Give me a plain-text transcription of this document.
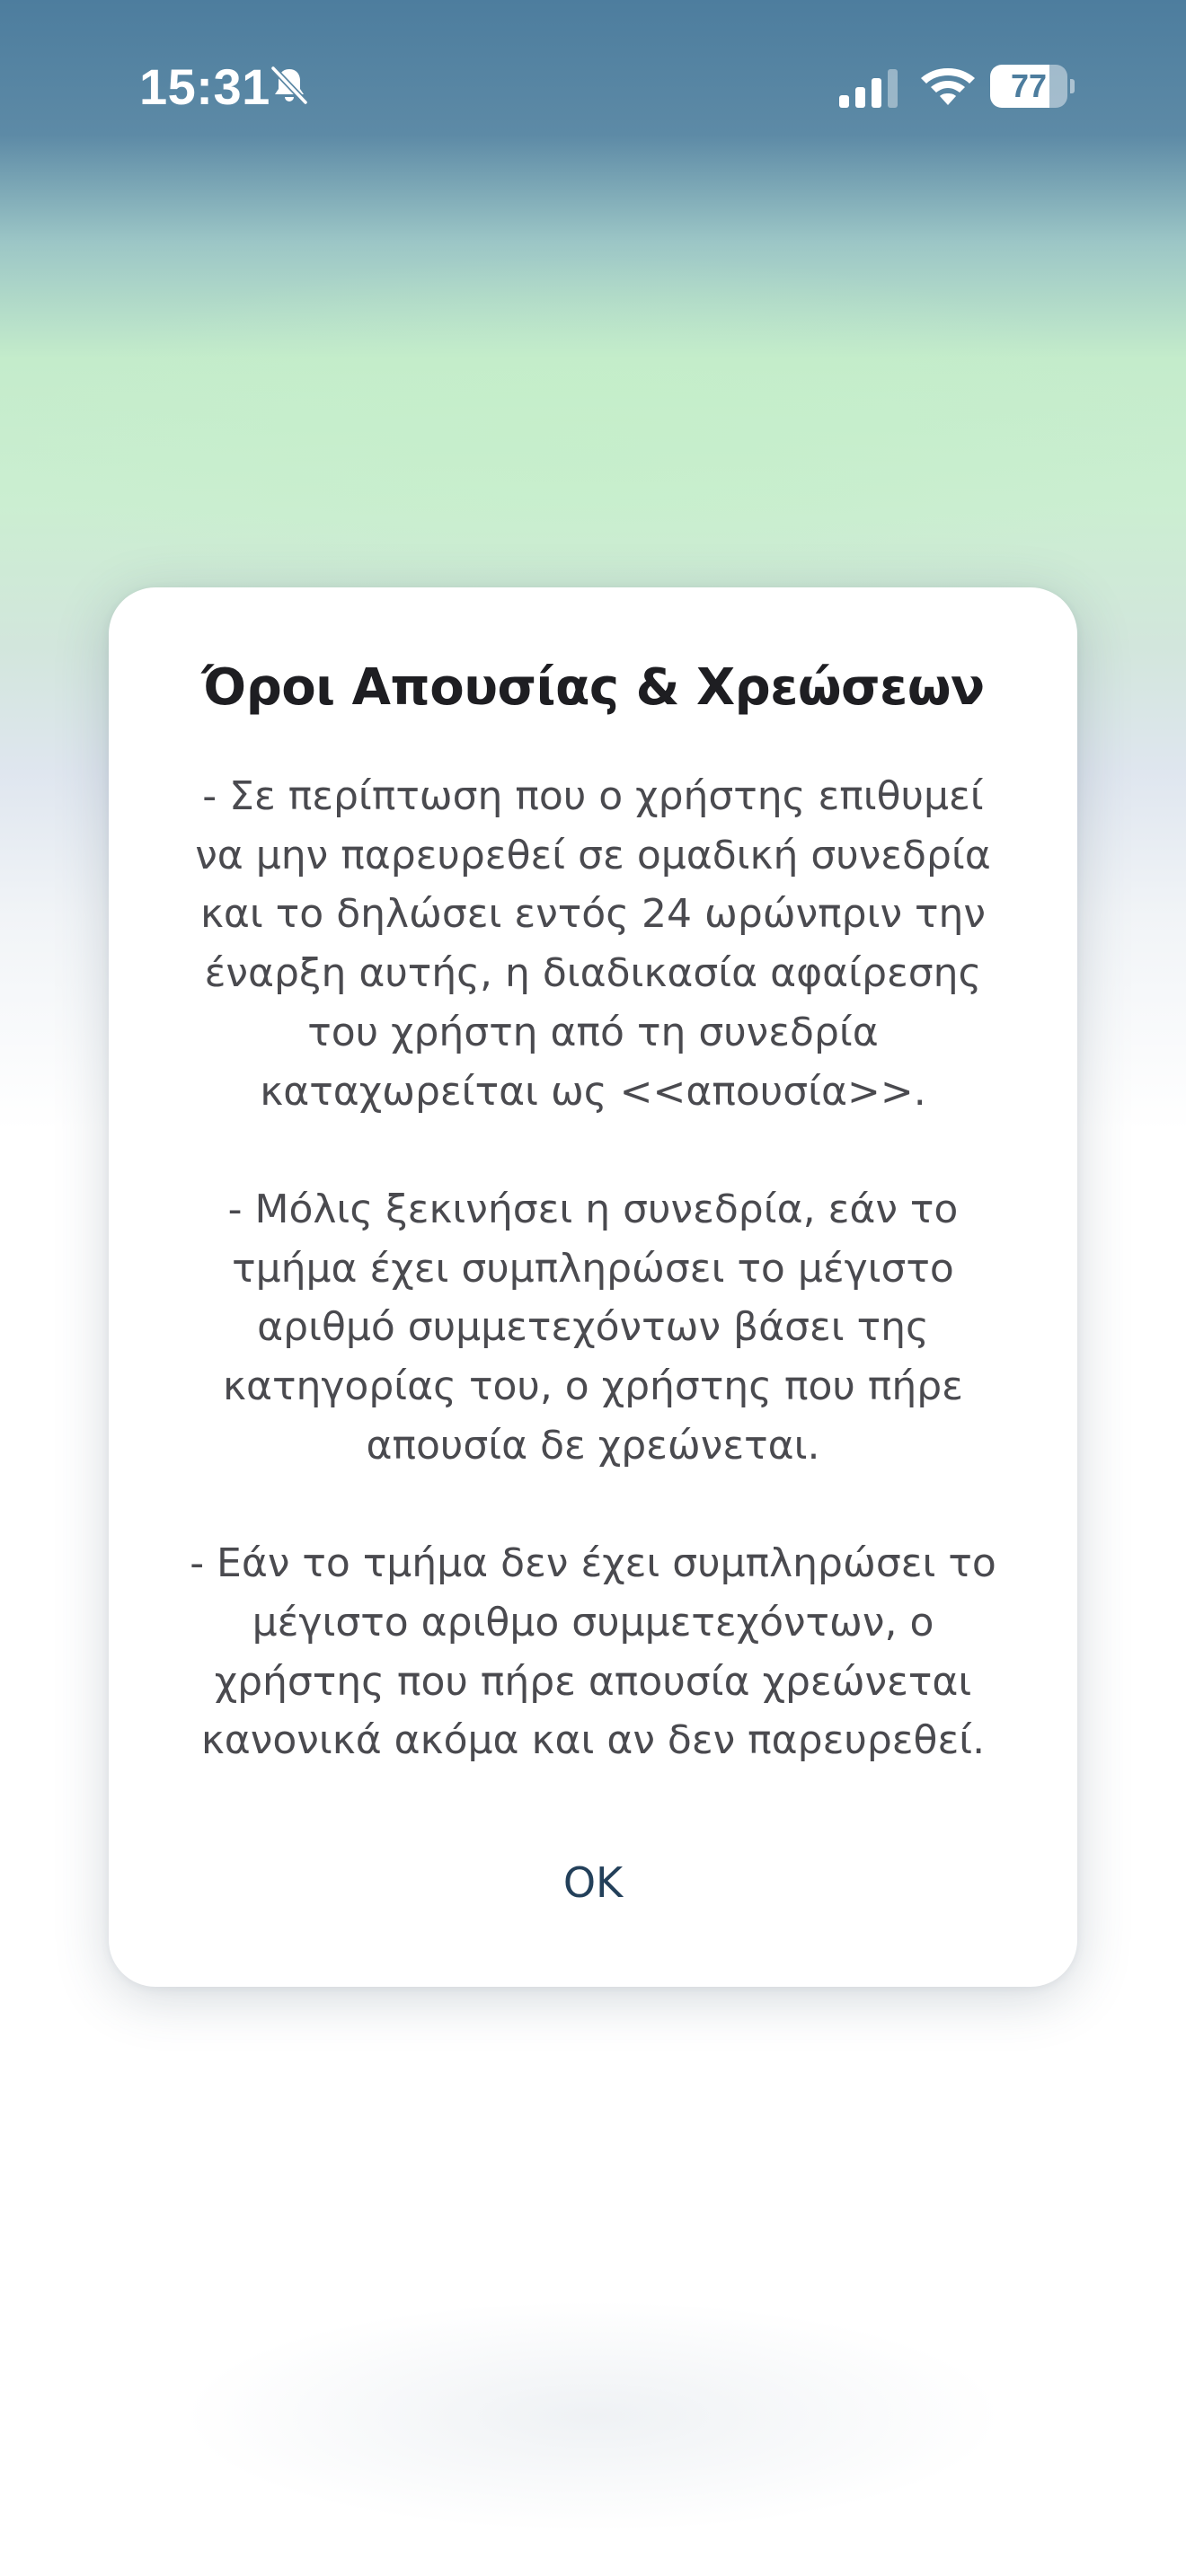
15:31	77
Όροι Απουσίας & Χρεώσεων

- Σε περίπτωση που ο χρήστης επιθυμεί
να μην παρευρεθεί σε ομαδική συνεδρία
και το δηλώσει εντός 24 ωρώνπριν την
έναρξη αυτής, η διαδικασία αφαίρεσης
του χρήστη από τη συνεδρία
καταχωρείται ως <<απουσία>>.

- Μόλις ξεκινήσει η συνεδρία, εάν το
τμήμα έχει συμπληρώσει το μέγιστο
αριθμό συμμετεχόντων βάσει της
κατηγορίας του, ο χρήστης που πήρε
απουσία δε χρεώνεται.

- Εάν το τμήμα δεν έχει συμπληρώσει το
μέγιστο αριθμο συμμετεχόντων, ο
χρήστης που πήρε απουσία χρεώνεται
κανονικά ακόμα και αν δεν παρευρεθεί.

OK
